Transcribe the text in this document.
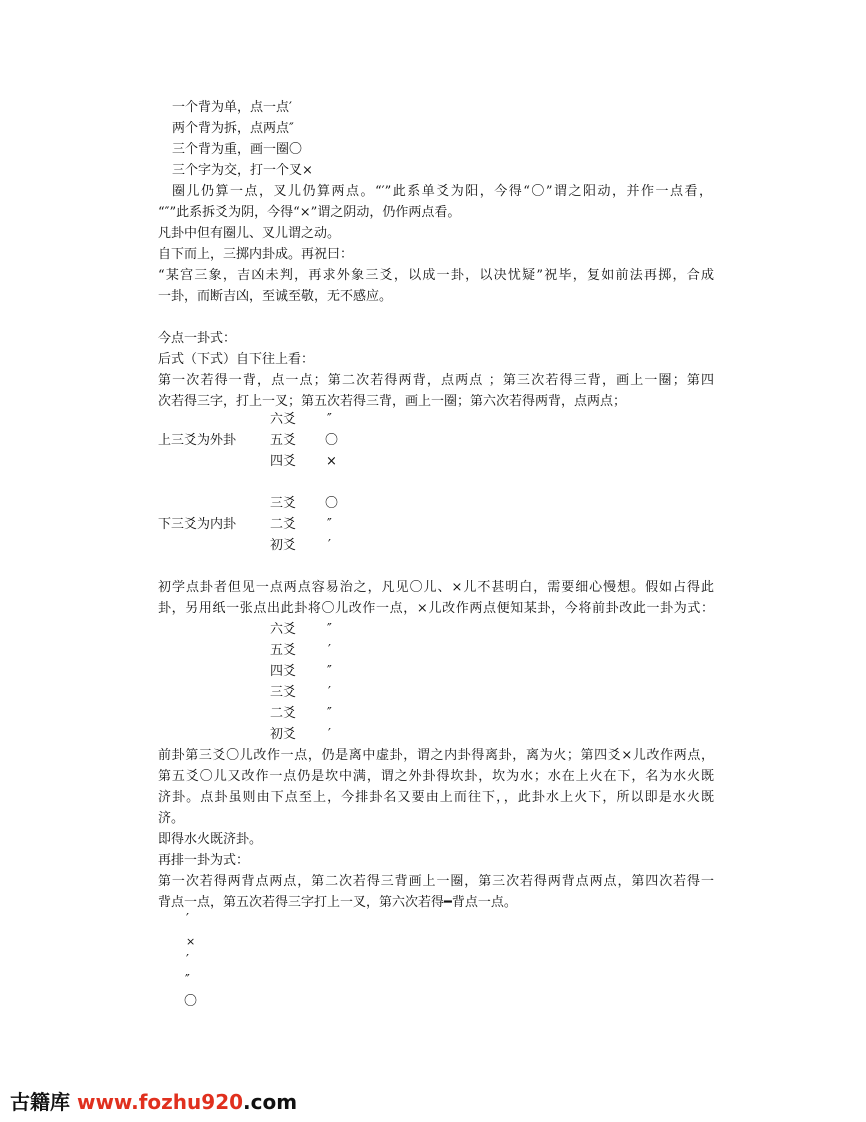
一个背为单，点一点′
两个背为拆，点两点″
三个背为重，画一圈〇
三个字为交，打一个叉×
圈儿仍算一点，叉儿仍算两点。“′”此系单爻为阳，今得“〇”谓之阳动，并作一点看，
“″”此系拆爻为阴，今得“×”谓之阴动，仍作两点看。
凡卦中但有圈儿、叉儿谓之动。
自下而上，三掷内卦成。再祝曰：
“某宫三象，吉凶未判，再求外象三爻，以成一卦，以决忧疑”祝毕，复如前法再掷，合成
一卦，而断吉凶，至诚至敬，无不感应。
今点一卦式：
后式（下式）自下往上看：
第一次若得一背，点一点；第二次若得两背，点两点 ；第三次若得三背，画上一圈；第四
次若得三字，打上一叉；第五次若得三背，画上一圈；第六次若得两背，点两点；
上三爻为外卦
下三爻为内卦
六爻 ″
五爻 〇
四爻 ×
三爻 〇
二爻 ″
初爻 ′
初学点卦者但见一点两点容易治之，凡见〇儿、×儿不甚明白，需要细心慢想。假如占得此
卦，另用纸一张点出此卦将〇儿改作一点，×儿改作两点便知某卦，今将前卦改此一卦为式：
六爻 ″
五爻 ′
四爻 ″
三爻 ′
二爻 ″
初爻 ′
前卦第三爻〇儿改作一点，仍是离中虚卦，谓之内卦得离卦，离为火；第四爻×儿改作两点，
第五爻〇儿又改作一点仍是坎中满，谓之外卦得坎卦，坎为水；水在上火在下，名为水火既
济卦。点卦虽则由下点至上，今排卦名又要由上而往下，，此卦水上火下，所以即是水火既
济。
即得水火既济卦。
再排一卦为式：
第一次若得两背点两点，第二次若得三背画上一圈，第三次若得两背点两点，第四次若得一
背点一点，第五次若得三字打上一叉，第六次若得━背点一点。
′
×
′
″
〇
古籍库 www.fozhu920.com
